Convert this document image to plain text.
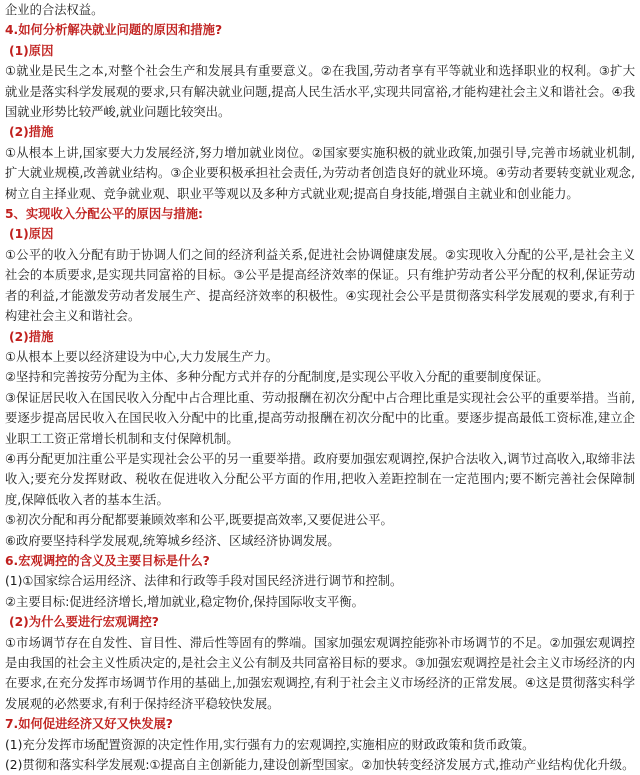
企业的合法权益。
4.如何分析解决就业问题的原因和措施?
(1)原因
①就业是民生之本,对整个社会生产和发展具有重要意义。②在我国,劳动者享有平等就业和选择职业的权利。③扩大就业是落实科学发展观的要求,只有解决就业问题,提高人民生活水平,实现共同富裕,才能构建社会主义和谐社会。④我国就业形势比较严峻,就业问题比较突出。
(2)措施
①从根本上讲,国家要大力发展经济,努力增加就业岗位。②国家要实施积极的就业政策,加强引导,完善市场就业机制,扩大就业规模,改善就业结构。③企业要积极承担社会责任,为劳动者创造良好的就业环境。④劳动者要转变就业观念,树立自主择业观、竞争就业观、职业平等观以及多种方式就业观;提高自身技能,增强自主就业和创业能力。
5、实现收入分配公平的原因与措施:
(1)原因
①公平的收入分配有助于协调人们之间的经济利益关系,促进社会协调健康发展。②实现收入分配的公平,是社会主义社会的本质要求,是实现共同富裕的目标。③公平是提高经济效率的保证。只有维护劳动者公平分配的权利,保证劳动者的利益,才能激发劳动者发展生产、提高经济效率的积极性。④实现社会公平是贯彻落实科学发展观的要求,有利于构建社会主义和谐社会。
(2)措施
①从根本上要以经济建设为中心,大力发展生产力。
②坚持和完善按劳分配为主体、多种分配方式并存的分配制度,是实现公平收入分配的重要制度保证。
③保证居民收入在国民收入分配中占合理比重、劳动报酬在初次分配中占合理比重是实现社会公平的重要举措。当前,要逐步提高居民收入在国民收入分配中的比重,提高劳动报酬在初次分配中的比重。要逐步提高最低工资标准,建立企业职工工资正常增长机制和支付保障机制。
④再分配更加注重公平是实现社会公平的另一重要举措。政府要加强宏观调控,保护合法收入,调节过高收入,取缔非法收入;要充分发挥财政、税收在促进收入分配公平方面的作用,把收入差距控制在一定范围内;要不断完善社会保障制度,保障低收入者的基本生活。
⑤初次分配和再分配都要兼顾效率和公平,既要提高效率,又要促进公平。
⑥政府要坚持科学发展观,统筹城乡经济、区域经济协调发展。
6.宏观调控的含义及主要目标是什么?
(1)①国家综合运用经济、法律和行政等手段对国民经济进行调节和控制。
②主要目标:促进经济增长,增加就业,稳定物价,保持国际收支平衡。
(2)为什么要进行宏观调控?
①市场调节存在自发性、盲目性、滞后性等固有的弊端。国家加强宏观调控能弥补市场调节的不足。②加强宏观调控是由我国的社会主义性质决定的,是社会主义公有制及共同富裕目标的要求。③加强宏观调控是社会主义市场经济的内在要求,在充分发挥市场调节作用的基础上,加强宏观调控,有利于社会主义市场经济的正常发展。④这是贯彻落实科学发展观的必然要求,有利于保持经济平稳较快发展。
7.如何促进经济又好又快发展?
(1)充分发挥市场配置资源的决定性作用,实行强有力的宏观调控,实施相应的财政政策和货币政策。
(2)贯彻和落实科学发展观:①提高自主创新能力,建设创新型国家。②加快转变经济发展方式,推动产业结构优化升级。
